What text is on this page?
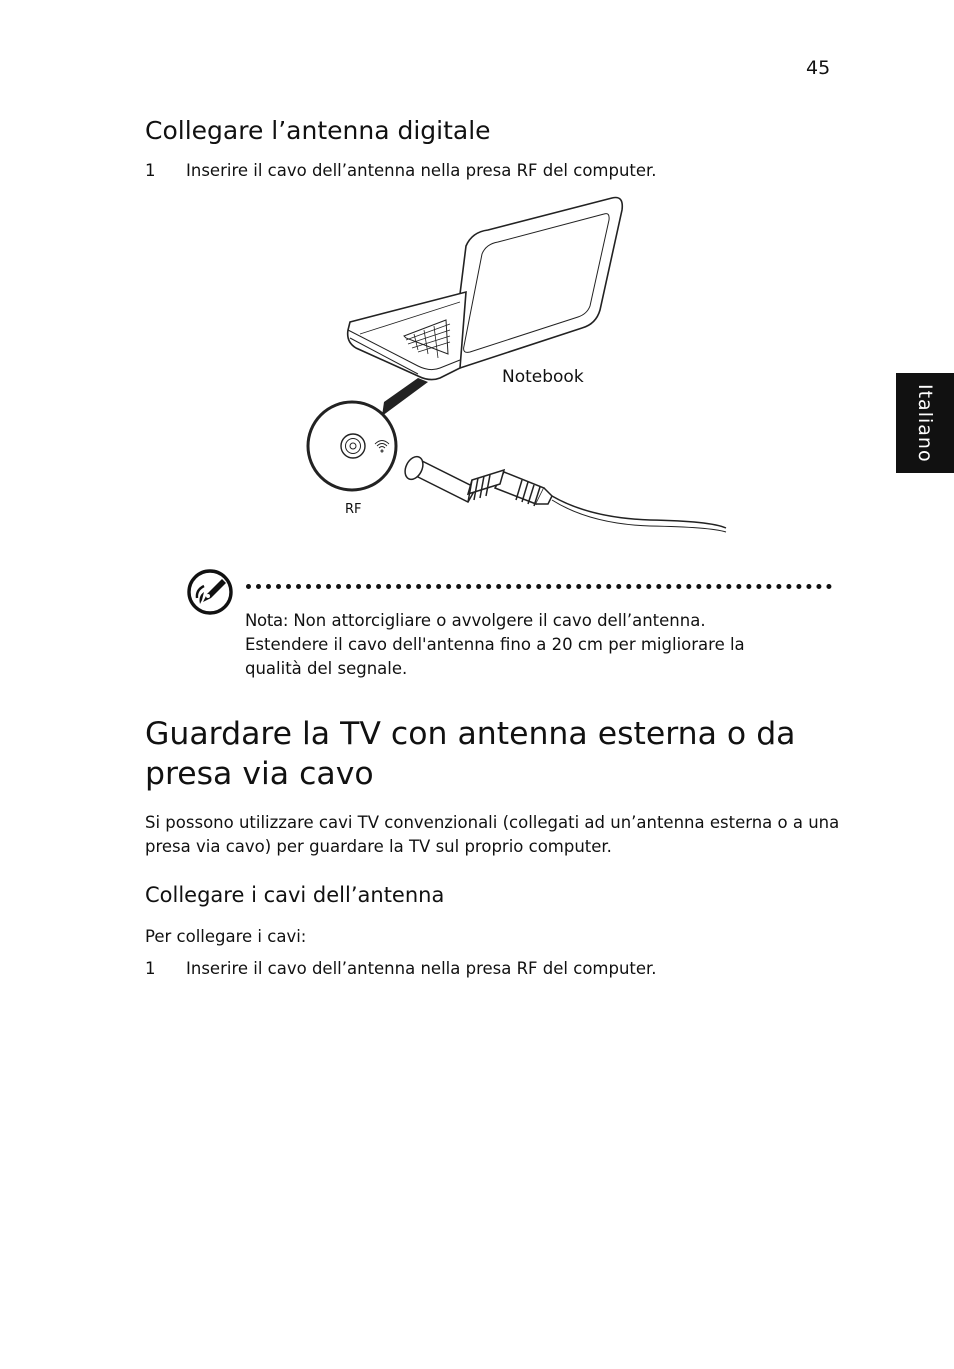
45
Collegare l’antenna digitale
1 Inserire il cavo dell’antenna nella presa RF del computer.
Notebook
RF
Italiano
Nota: Non attorcigliare o avvolgere il cavo dell’antenna.
Estendere il cavo dell'antenna fino a 20 cm per migliorare la
qualità del segnale.
Guardare la TV con antenna esterna o da presa via cavo
Si possono utilizzare cavi TV convenzionali (collegati ad un’antenna esterna o a una presa via cavo) per guardare la TV sul proprio computer.
Collegare i cavi dell’antenna
Per collegare i cavi:
1 Inserire il cavo dell’antenna nella presa RF del computer.
